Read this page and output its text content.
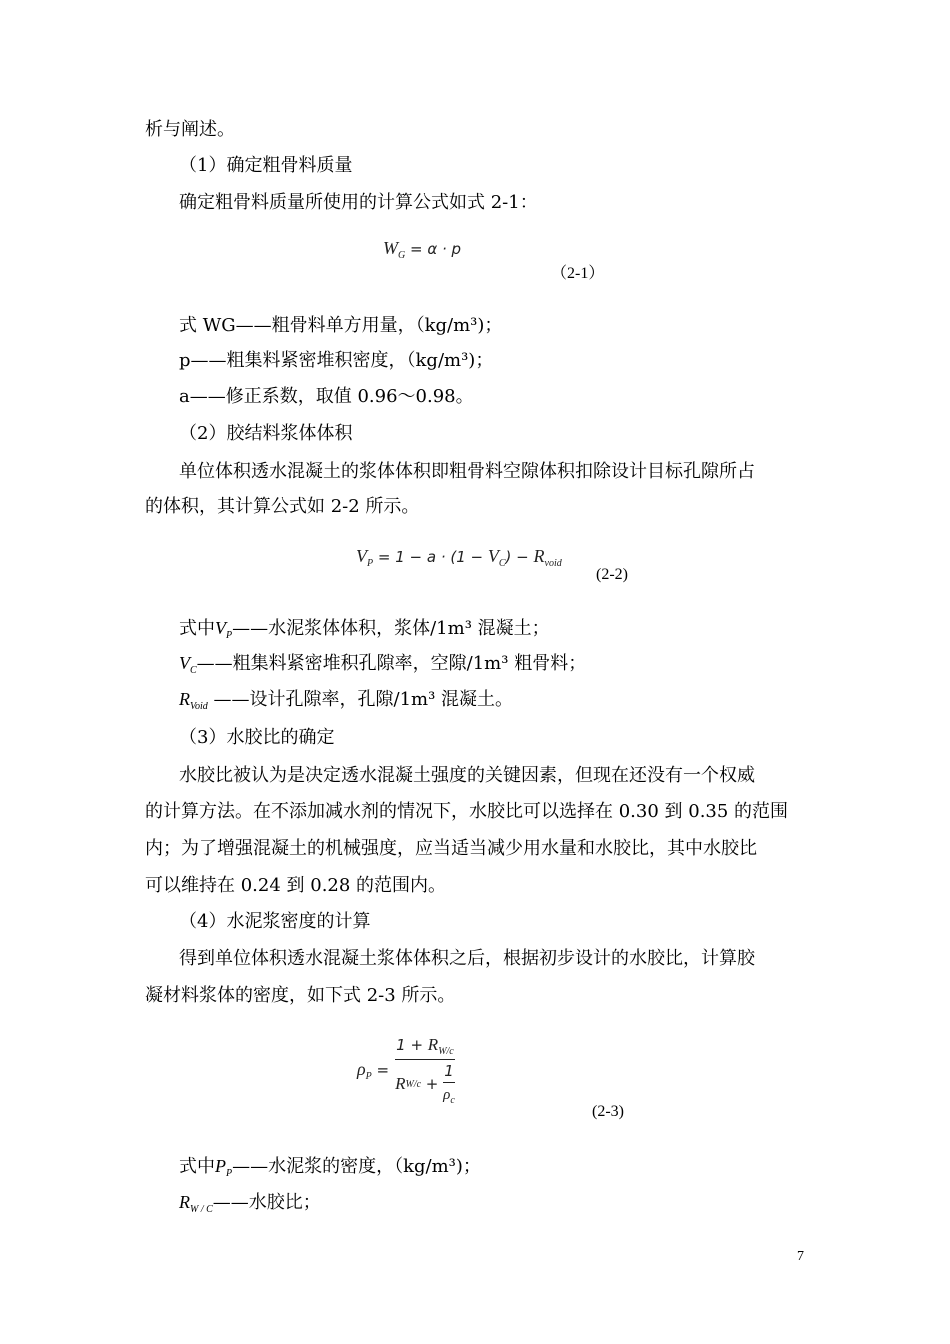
析与阐述。
（1）确定粗骨料质量
确定粗骨料质量所使用的计算公式如式 2-1：
$W_G = \alpha \cdot p$
（2-1）
式 WG——粗骨料单方用量，（kg/m³)；
p——粗集料紧密堆积密度，（kg/m³)；
a——修正系数，取值 0.96～0.98。
（2）胶结料浆体体积
单位体积透水混凝土的浆体体积即粗骨料空隙体积扣除设计目标孔隙所占
的体积，其计算公式如 2-2 所示。
$V_P = 1 - a \cdot (1 - V_C) - R_{void}$
(2-2)
式中$V_P——$水泥浆体体积，浆体/1m³ 混凝土；
$V_C——$粗集料紧密堆积孔隙率，空隙/1m³ 粗骨料；
$R_{Void}$ ——设计孔隙率，孔隙/1m³ 混凝土。
（3）水胶比的确定
水胶比被认为是决定透水混凝土强度的关键因素，但现在还没有一个权威
的计算方法。在不添加减水剂的情况下，水胶比可以选择在 0.30 到 0.35 的范围
内；为了增强混凝土的机械强度，应当适当减少用水量和水胶比，其中水胶比
可以维持在 0.24 到 0.28 的范围内。
（4）水泥浆密度的计算
得到单位体积透水混凝土浆体体积之后，根据初步设计的水胶比，计算胶
凝材料浆体的密度，如下式 2-3 所示。
$\rho_P = \frac{1 + R_{W/c}}{R W/c + \frac{1}{\rho_c}}$
(2-3)
式中$P_P——$水泥浆的密度，（kg/m³)；
$R_{W / C}——$水胶比；
7
